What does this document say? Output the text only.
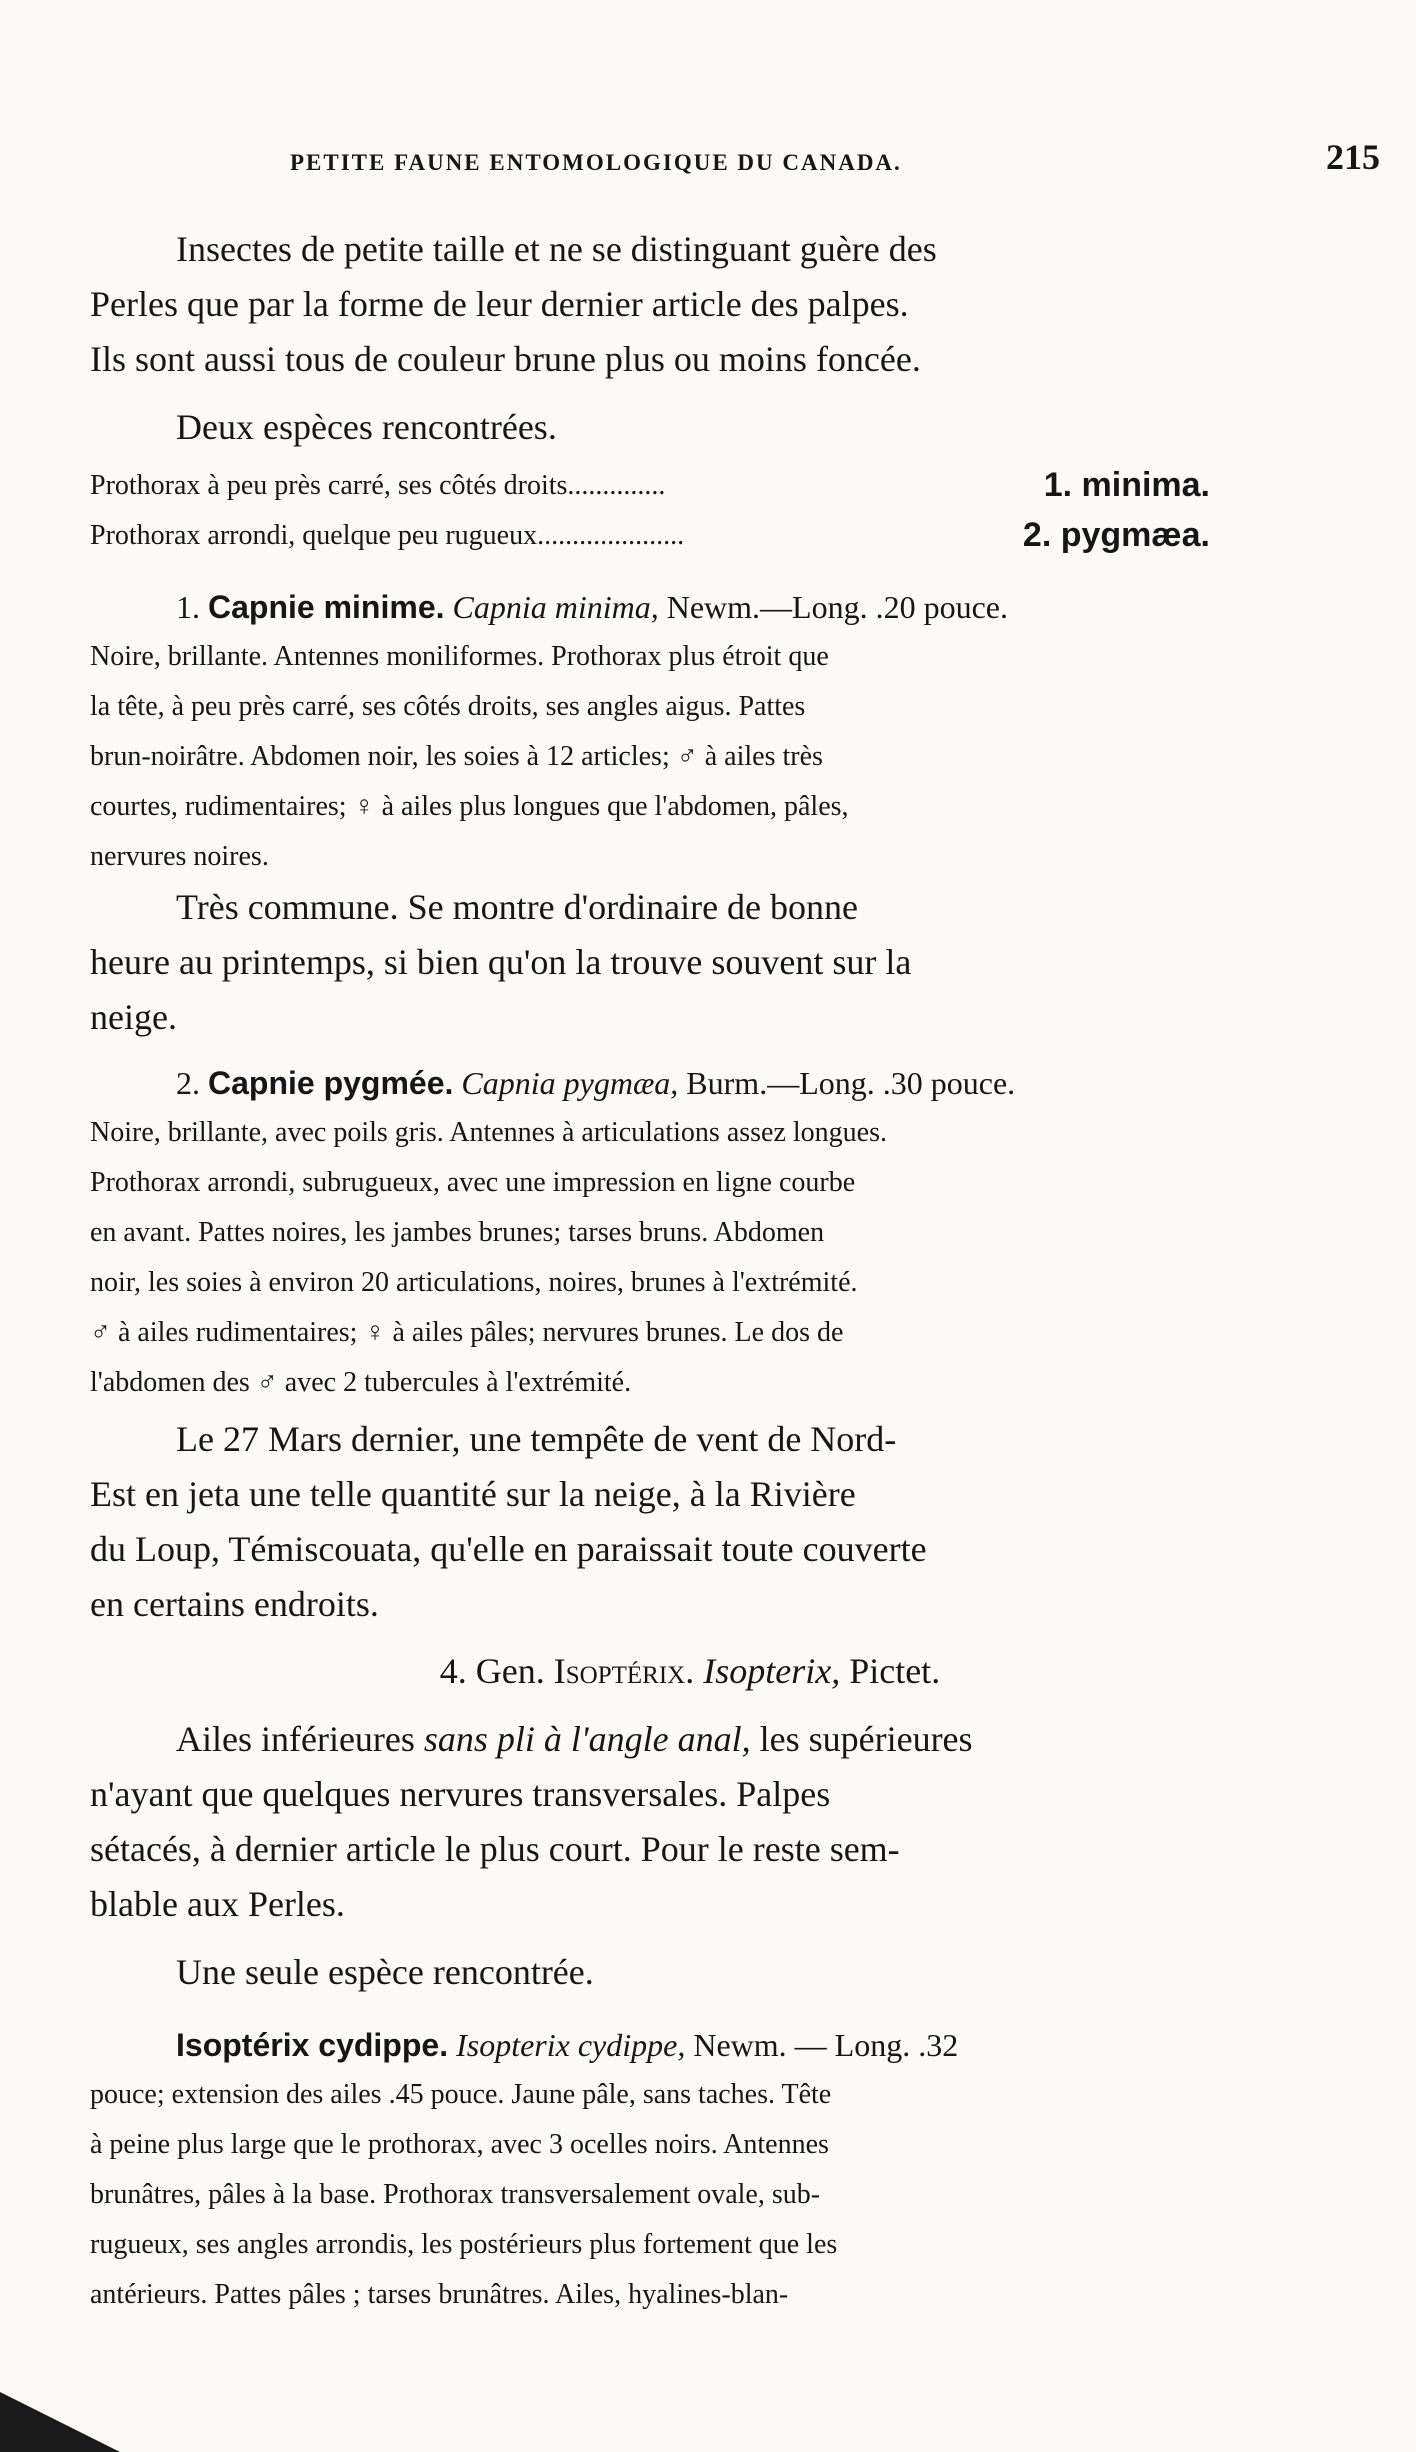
PETITE FAUNE ENTOMOLOGIQUE DU CANADA.	215
Insectes de petite taille et ne se distinguant guère des
Perles que par la forme de leur dernier article des palpes.
Ils sont aussi tous de couleur brune plus ou moins foncée.
Deux espèces rencontrées.
Prothorax à peu près carré, ses côtés droits..............	1. minima.
Prothorax arrondi, quelque peu rugueux.....................	2. pygmæa.
1. Capnie minime. Capnia minima, Newm.—Long. .20 pouce.
Noire, brillante. Antennes moniliformes. Prothorax plus étroit que
la tête, à peu près carré, ses côtés droits, ses angles aigus. Pattes
brun-noirâtre. Abdomen noir, les soies à 12 articles; ♂ à ailes très
courtes, rudimentaires; ♀ à ailes plus longues que l'abdomen, pâles,
nervures noires.
Très commune. Se montre d'ordinaire de bonne
heure au printemps, si bien qu'on la trouve souvent sur la
neige.
2. Capnie pygmée. Capnia pygmæa, Burm.—Long. .30 pouce.
Noire, brillante, avec poils gris. Antennes à articulations assez longues.
Prothorax arrondi, subrugueux, avec une impression en ligne courbe
en avant. Pattes noires, les jambes brunes; tarses bruns. Abdomen
noir, les soies à environ 20 articulations, noires, brunes à l'extrémité.
♂ à ailes rudimentaires; ♀ à ailes pâles; nervures brunes. Le dos de
l'abdomen des ♂ avec 2 tubercules à l'extrémité.
Le 27 Mars dernier, une tempête de vent de Nord-
Est en jeta une telle quantité sur la neige, à la Rivière
du Loup, Témiscouata, qu'elle en paraissait toute couverte
en certains endroits.
4. Gen. Isoptérix. Isopterix, Pictet.
Ailes inférieures sans pli à l'angle anal, les supérieures
n'ayant que quelques nervures transversales. Palpes
sétacés, à dernier article le plus court. Pour le reste sem-
blable aux Perles.
Une seule espèce rencontrée.
Isoptérix cydippe. Isopterix cydippe, Newm. — Long. .32
pouce; extension des ailes .45 pouce. Jaune pâle, sans taches. Tête
à peine plus large que le prothorax, avec 3 ocelles noirs. Antennes
brunâtres, pâles à la base. Prothorax transversalement ovale, sub-
rugueux, ses angles arrondis, les postérieurs plus fortement que les
antérieurs. Pattes pâles ; tarses brunâtres. Ailes, hyalines-blan-
